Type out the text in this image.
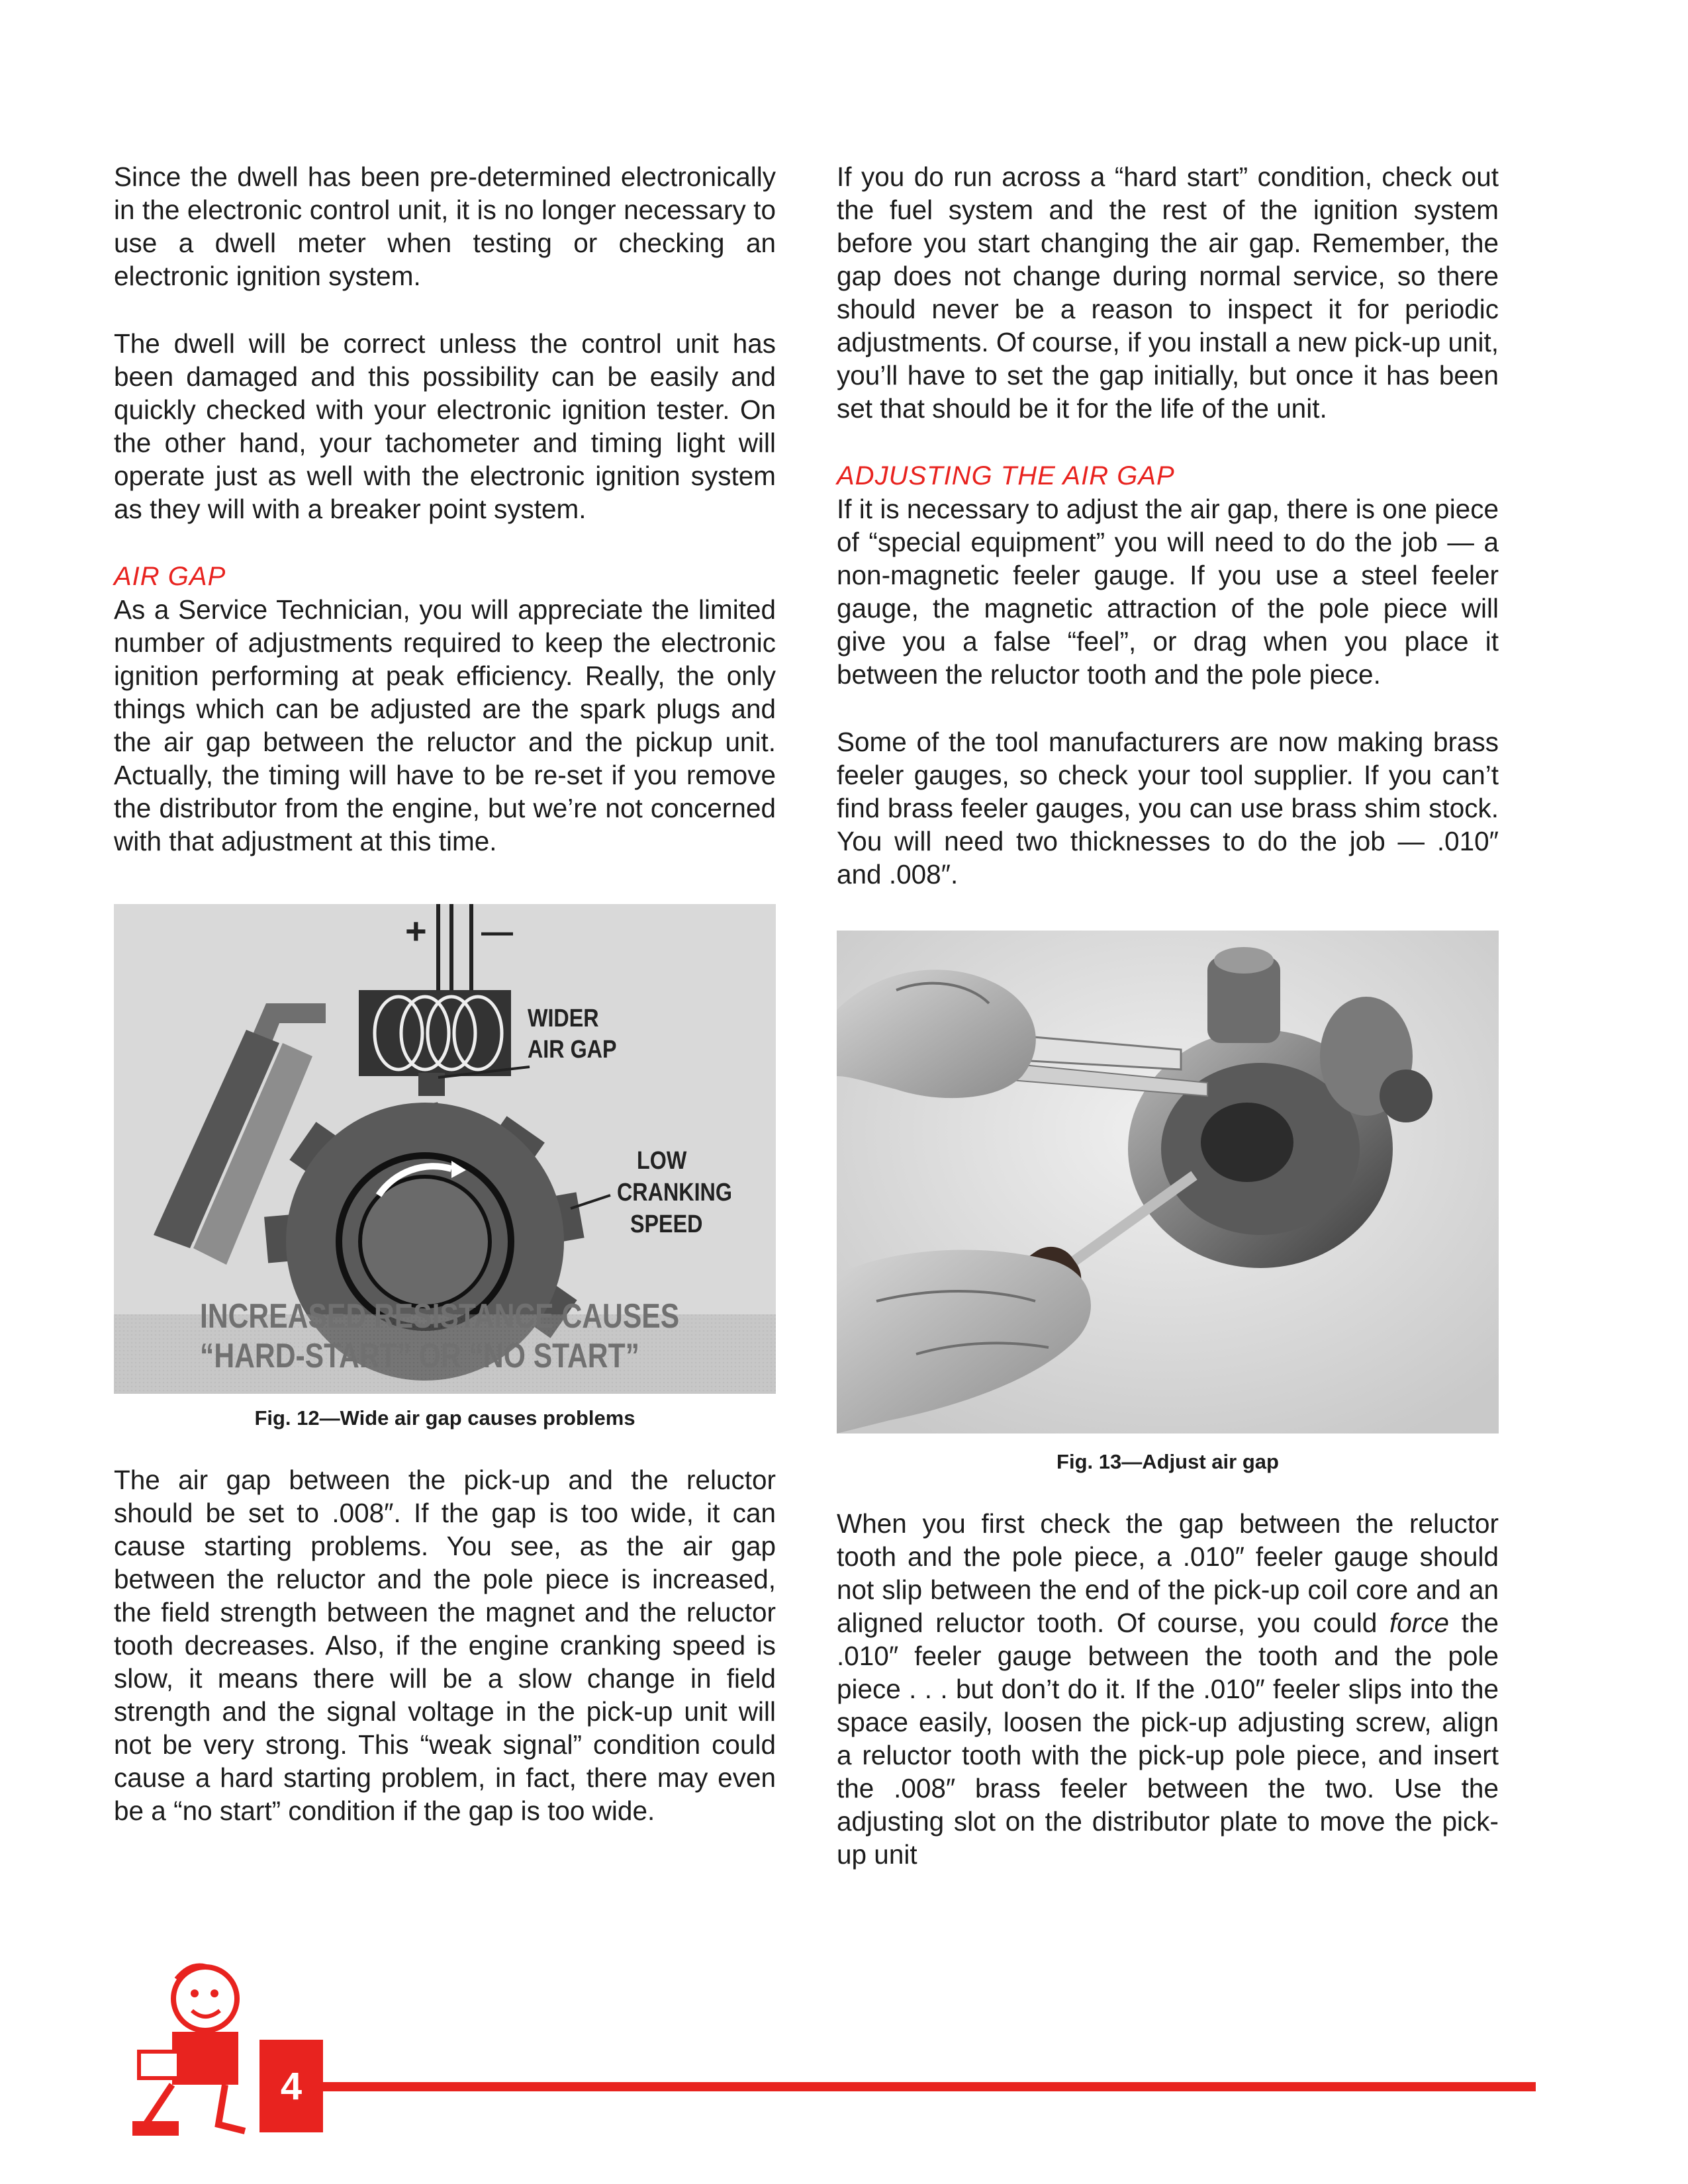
Since the dwell has been pre-determined electronically in the electronic control unit, it is no longer necessary to use a dwell meter when testing or checking an electronic ignition system.

The dwell will be correct unless the control unit has been damaged and this possibility can be easily and quickly checked with your electronic ignition tester. On the other hand, your tachometer and timing light will operate just as well with the electronic ignition system as they will with a breaker point system.

AIR GAP

As a Service Technician, you will appreciate the limited number of adjustments required to keep the electronic ignition performing at peak efficiency. Really, the only things which can be adjusted are the spark plugs and the air gap between the reluctor and the pickup unit. Actually, the timing will have to be re-set if you remove the distributor from the engine, but we’re not concerned with that adjustment at this time.

+ —
WIDER
AIR GAP
LOW
CRANKING
SPEED
INCREASED RESISTANCE CAUSES
“HARD-START” OR “NO START”
Fig. 12—Wide air gap causes problems

The air gap between the pick-up and the reluctor should be set to .008″. If the gap is too wide, it can cause starting problems. You see, as the air gap between the reluctor and the pole piece is increased, the field strength between the magnet and the reluctor tooth decreases. Also, if the engine cranking speed is slow, it means there will be a slow change in field strength and the signal voltage in the pick-up unit will not be very strong. This “weak signal” condition could cause a hard starting problem, in fact, there may even be a “no start” condition if the gap is too wide.

If you do run across a “hard start” condition, check out the fuel system and the rest of the ignition system before you start changing the air gap. Remember, the gap does not change during normal service, so there should never be a reason to inspect it for periodic adjustments. Of course, if you install a new pick-up unit, you’ll have to set the gap initially, but once it has been set that should be it for the life of the unit.

ADJUSTING THE AIR GAP

If it is necessary to adjust the air gap, there is one piece of “special equipment” you will need to do the job — a non-magnetic feeler gauge. If you use a steel feeler gauge, the magnetic attraction of the pole piece will give you a false “feel”, or drag when you place it between the reluctor tooth and the pole piece.

Some of the tool manufacturers are now making brass feeler gauges, so check your tool supplier. If you can’t find brass feeler gauges, you can use brass shim stock. You will need two thicknesses to do the job — .010″ and .008″.

Fig. 13—Adjust air gap

When you first check the gap between the reluctor tooth and the pole piece, a .010″ feeler gauge should not slip between the end of the pick-up coil core and an aligned reluctor tooth. Of course, you could force the .010″ feeler gauge between the tooth and the pole piece . . . but don’t do it. If the .010″ feeler slips into the space easily, loosen the pick-up adjusting screw, align a reluctor tooth with the pick-up pole piece, and insert the .008″ brass feeler between the two. Use the adjusting slot on the distributor plate to move the pick-up unit

4
